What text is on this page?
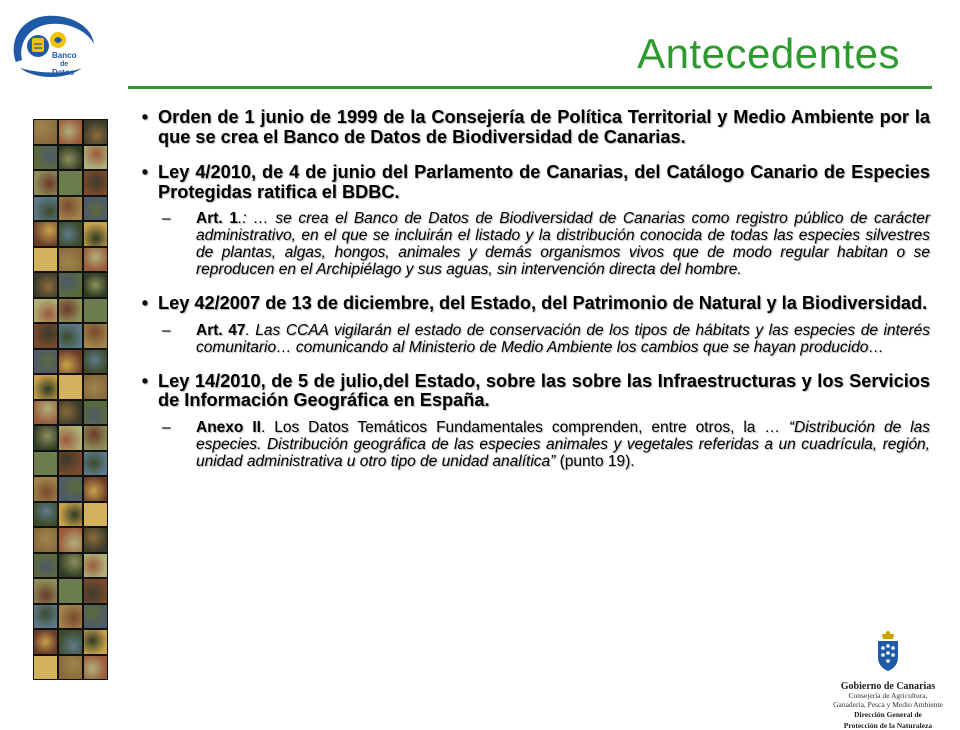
Banco
de
Datos	Antecedentes
• Orden de 1 junio de 1999 de la Consejería de Política Territorial y Medio Ambiente por la que se crea el Banco de Datos de Biodiversidad de Canarias.
• Ley 4/2010, de 4 de junio del Parlamento de Canarias, del Catálogo Canario de Especies Protegidas ratifica el BDBC.
–	Art. 1.: … se crea el Banco de Datos de Biodiversidad de Canarias como registro público de carácter administrativo, en el que se incluirán el listado y la distribución conocida de todas las especies silvestres de plantas, algas, hongos, animales y demás organismos vivos que de modo regular habitan o se reproducen en el Archipiélago y sus aguas, sin intervención directa del hombre.
• Ley 42/2007 de 13 de diciembre, del Estado, del Patrimonio de Natural y la Biodiversidad.
–	Art. 47. Las CCAA vigilarán el estado de conservación de los tipos de hábitats y las especies de interés comunitario… comunicando al Ministerio de Medio Ambiente los cambios que se hayan producido…
• Ley 14/2010, de 5 de julio,del Estado, sobre las sobre las Infraestructuras y los Servicios de Información Geográfica en España.
–	Anexo II. Los Datos Temáticos Fundamentales comprenden, entre otros, la … “Distribución de las especies. Distribución geográfica de las especies animales y vegetales referidas a un cuadrícula, región, unidad administrativa u otro tipo de unidad analítica” (punto 19).
Gobierno de Canarias
Consejería de Agricultura,
Ganadería, Pesca y Medio Ambiente
Dirección General de
Protección de la Naturaleza
